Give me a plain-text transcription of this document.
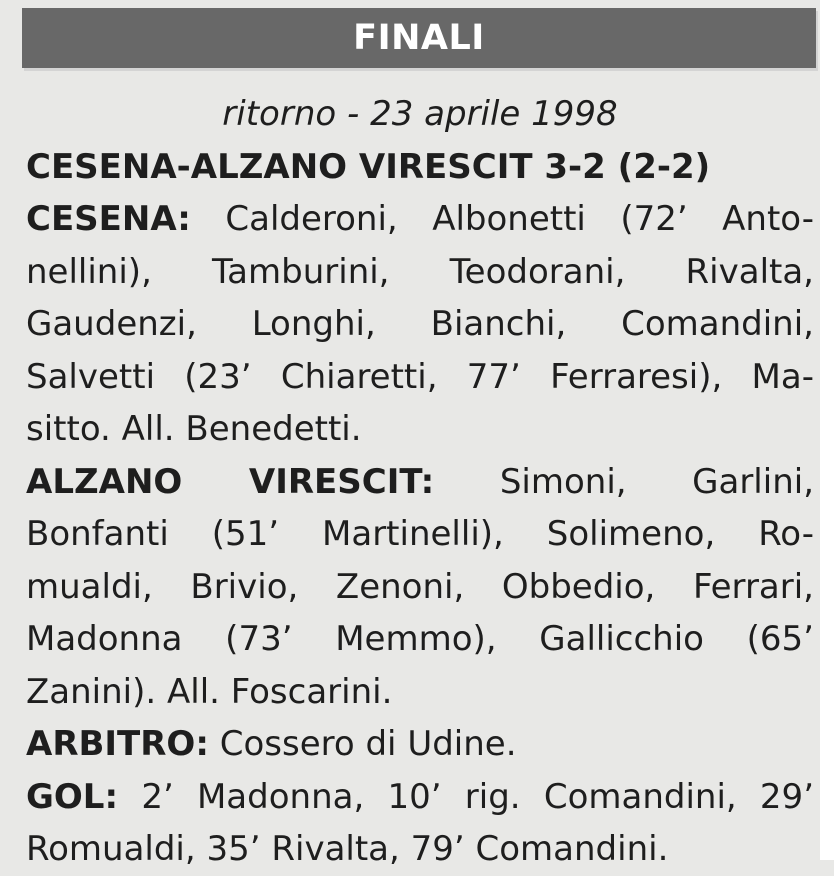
FINALI
ritorno - 23 aprile 1998
CESENA-ALZANO VIRESCIT 3-2 (2-2)
CESENA: Calderoni, Albonetti (72’ Anto-
nellini), Tamburini, Teodorani, Rivalta,
Gaudenzi, Longhi, Bianchi, Comandini,
Salvetti (23’ Chiaretti, 77’ Ferraresi), Ma-
sitto. All. Benedetti.
ALZANO VIRESCIT: Simoni, Garlini,
Bonfanti (51’ Martinelli), Solimeno, Ro-
mualdi, Brivio, Zenoni, Obbedio, Ferrari,
Madonna (73’ Memmo), Gallicchio (65’
Zanini). All. Foscarini.
ARBITRO: Cossero di Udine.
GOL: 2’ Madonna, 10’ rig. Comandini, 29’
Romualdi, 35’ Rivalta, 79’ Comandini.
